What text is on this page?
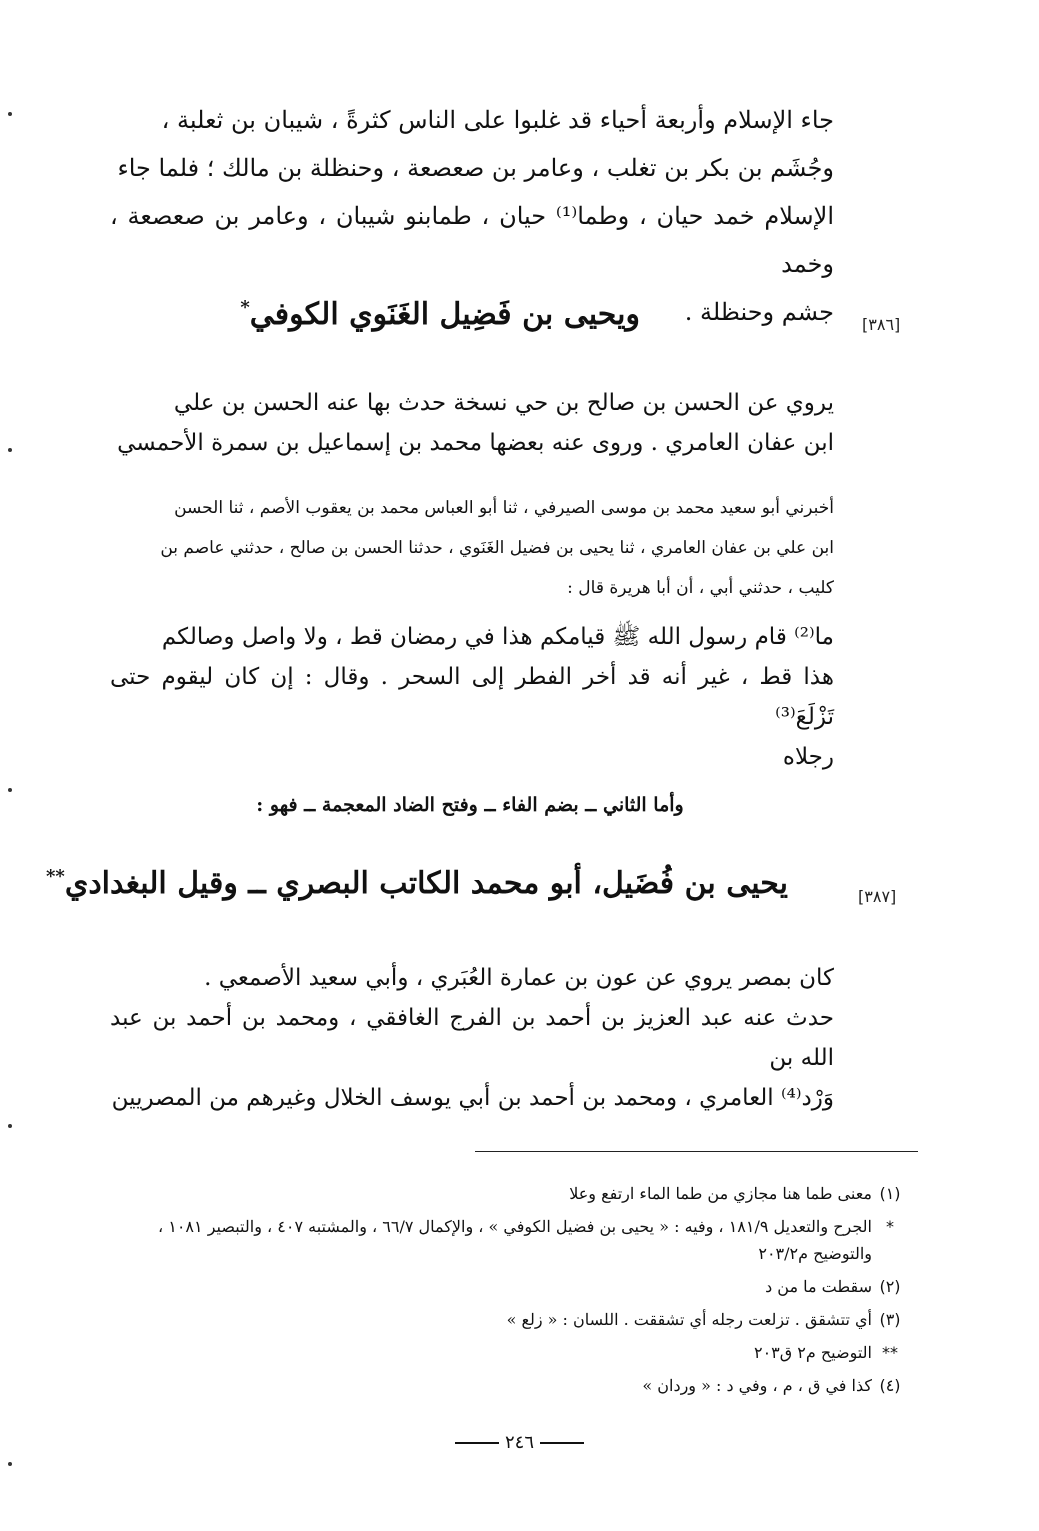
جاء الإسلام وأربعة أحياء قد غلبوا على الناس كثرةً ، شيبان بن ثعلبة ،

وجُشَم بن بكر بن تغلب ، وعامر بن صعصعة ، وحنظلة بن مالك ؛ فلما جاء

الإسلام خمد حيان ، وطما⁽¹⁾ حيان ، طمابنو شيبان ، وعامر بن صعصعة ، وخمد

جشم وحنظلة . [٣٨٦]
ويحيى بن فَضِيل الغَنَوي الكوفي*
يروي عن الحسن بن صالح بن حي نسخة حدث بها عنه الحسن بن علي
ابن عفان العامري . وروى عنه بعضها محمد بن إسماعيل بن سمرة الأحمسي
أخبرني أبو سعيد محمد بن موسى الصيرفي ، ثنا أبو العباس محمد بن يعقوب الأصم ، ثنا الحسن
ابن علي بن عفان العامري ، ثنا يحيى بن فضيل الغَنَوي ، حدثنا الحسن بن صالح ، حدثني عاصم بن
كليب ، حدثني أبي ، أن أبا هريرة قال :
ما⁽²⁾ قام رسول الله ﷺ قيامكم هذا في رمضان قط ، ولا واصل وصالكم
هذا قط ، غير أنه قد أخر الفطر إلى السحر . وقال : إن كان ليقوم حتى تَزْلَعَ⁽³⁾
رجلاه
وأما الثاني ــ بضم الفاء ــ وفتح الضاد المعجمة ــ فهو :
[٣٨٧]
يحيى بن فُضَيل، أبو محمد الكاتب البصري ــ وقيل البغدادي**
كان بمصر يروي عن عون بن عمارة العُبَري ، وأبي سعيد الأصمعي .
حدث عنه عبد العزيز بن أحمد بن الفرج الغافقي ، ومحمد بن أحمد بن عبد الله بن
وَرْد⁽⁴⁾ العامري ، ومحمد بن أحمد بن أبي يوسف الخلال وغيرهم من المصريين
(١)
معنى طما هنا مجازي من طما الماء ارتفع وعلا
*
الجرح والتعديل ١٨١/٩ ، وفيه : « يحيى بن فضيل الكوفي » ، والإكمال ٦٦/٧ ، والمشتبه ٤٠٧ ، والتبصير ١٠٨١ ، والتوضيح م٢٠٣/٢
(٢)
سقطت ما من د
(٣)
أي تتشقق . تزلعت رجله أي تشققت . اللسان : « زلع »
**
التوضيح م٢ ق٢٠٣
(٤)
كذا في ق ، م ، وفي د : « وردان »
٢٤٦
